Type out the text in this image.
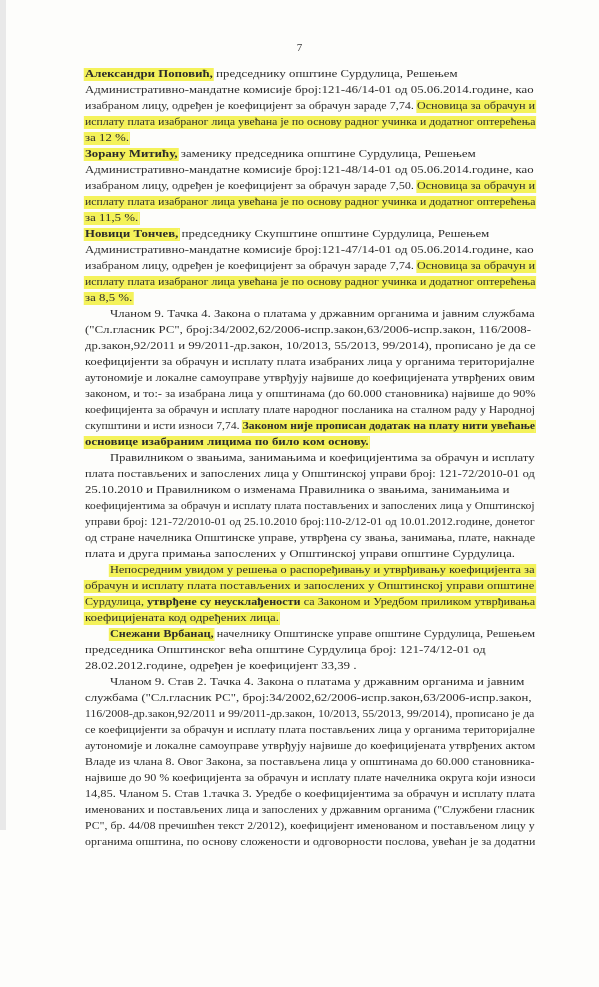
7
Александри Поповић, председнику општине Сурдулица, Решењем
Административно-мандатне комисије број:121-46/14-01 од 05.06.2014.године, као
изабраном лицу, одређен је коефицијент за обрачун зараде 7,74. Основица за обрачун и
исплату плата изабраног лица увећана је по основу радног учинка и додатног оптерећења
за 12 %.
Зорану Митићу, заменику председника општине Сурдулица, Решењем
Административно-мандатне комисије број:121-48/14-01 од 05.06.2014.године, као
изабраном лицу, одређен је коефицијент за обрачун зараде 7,50. Основица за обрачун и
исплату плата изабраног лица увећана је по основу радног учинка и додатног оптерећења
за 11,5 %.
Новици Тончев, председнику Скупштине општине Сурдулица, Решењем
Административно-мандатне комисије број:121-47/14-01 од 05.06.2014.године, као
изабраном лицу, одређен је коефицијент за обрачун зараде 7,74. Основица за обрачун и
исплату плата изабраног лица увећана је по основу радног учинка и додатног оптерећења
за 8,5 %.
Чланом 9. Тачка 4. Закона о платама у државним органима и јавним службама
("Сл.гласник РС", број:34/2002,62/2006-испр.закон,63/2006-испр.закон, 116/2008-
др.закон,92/2011 и 99/2011-др.закон, 10/2013, 55/2013, 99/2014), прописано је да се
коефицијенти за обрачун и исплату плата изабраних лица у органима територијалне
аутономије и локалне самоуправе утврђују највише до коефицијената утврђених овим
законом, и то:- за изабрана лица у општинама (до 60.000 становника) највише до 90%
коефицијента за обрачун и исплату плате народног посланика на сталном раду у Народној
скупштини и исти износи 7,74. Законом није прописан додатак на плату нити увећање
основице изабраним лицима по било ком основу.
Правилником о звањима, занимањима и коефицијентима за обрачун и исплату
плата постављених и запослених лица у Општинској управи број: 121-72/2010-01 од
25.10.2010 и Правилником о изменама Правилника о звањима, занимањима и
коефицијентима за обрачун и исплату плата постављених и запослених лица у Општинској
управи број: 121-72/2010-01 од 25.10.2010 број:110-2/12-01 од 10.01.2012.године, донетог
од стране начелника Општинске управе, утврђена су звања, занимања, плате, накнаде
плата и друга примања запослених у Општинској управи општине Сурдулица.
Непосредним увидом у решења о распоређивању и утврђивању коефицијента за
обрачун и исплату плата постављених и запослених у Општинској управи општине
Сурдулица, утврђене су неусклађености са Законом и Уредбом приликом утврђивања
коефицијената код одређених лица.
Снежани Врбанац, начелнику Општинске управе општине Сурдулица, Решењем
председника Општинског већа општине Сурдулица број: 121-74/12-01 од
28.02.2012.године, одређен је коефицијент 33,39 .
Чланом 9. Став 2. Тачка 4. Закона о платама у државним органима и јавним
службама ("Сл.гласник РС", број:34/2002,62/2006-испр.закон,63/2006-испр.закон,
116/2008-др.закон,92/2011 и 99/2011-др.закон, 10/2013, 55/2013, 99/2014), прописано је да
се коефицијенти за обрачун и исплату плата постављених лица у органима територијалне
аутономије и локалне самоуправе утврђују највише до коефицијената утврђених актом
Владе из члана 8. Овог Закона, за постављена лица у општинама до 60.000 становника-
највише до 90 % коефицијента за обрачун и исплату плате начелника округа који износи
14,85. Чланом 5. Став 1.тачка 3. Уредбе о коефицијентима за обрачун и исплату плата
именованих и постављених лица и запослених у државним органима ("Службени гласник
РС", бр. 44/08 пречишћен текст 2/2012), коефицијент именованом и постављеном лицу у
органима општина, по основу сложености и одговорности послова, увећан је за додатни
